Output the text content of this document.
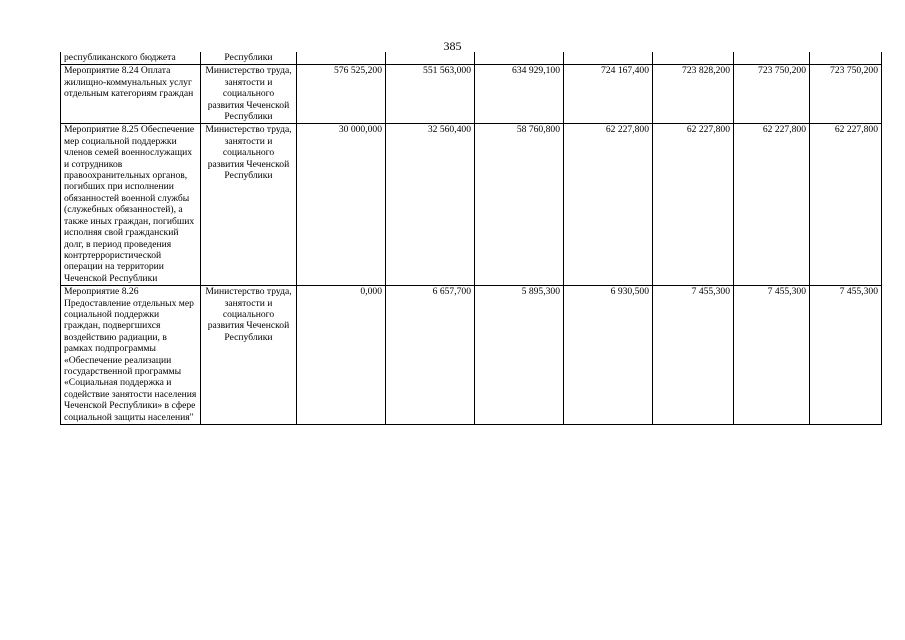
385
республиканского бюджета	Республики							
Мероприятие 8.24 Оплата жилищно-коммунальных услуг отдельным категориям граждан	Министерство труда, занятости и социального развития Чеченской Республики	576 525,200	551 563,000	634 929,100	724 167,400	723 828,200	723 750,200	723 750,200
Мероприятие 8.25 Обеспечение мер социальной поддержки членов семей военнослужащих и сотрудников правоохранительных органов, погибших при исполнении обязанностей военной службы (служебных обязанностей), а также иных граждан, погибших исполняя свой гражданский долг, в период проведения контртеррористической операции на территории Чеченской Республики	Министерство труда, занятости и социального развития Чеченской Республики	30 000,000	32 560,400	58 760,800	62 227,800	62 227,800	62 227,800	62 227,800
Мероприятие 8.26 Предоставление отдельных мер социальной поддержки граждан, подвергшихся воздействию радиации, в рамках подпрограммы «Обеспечение реализации государственной программы «Социальная поддержка и содействие занятости населения Чеченской Республики» в сфере социальной защиты населения"	Министерство труда, занятости и социального развития Чеченской Республики	0,000	6 657,700	5 895,300	6 930,500	7 455,300	7 455,300	7 455,300
